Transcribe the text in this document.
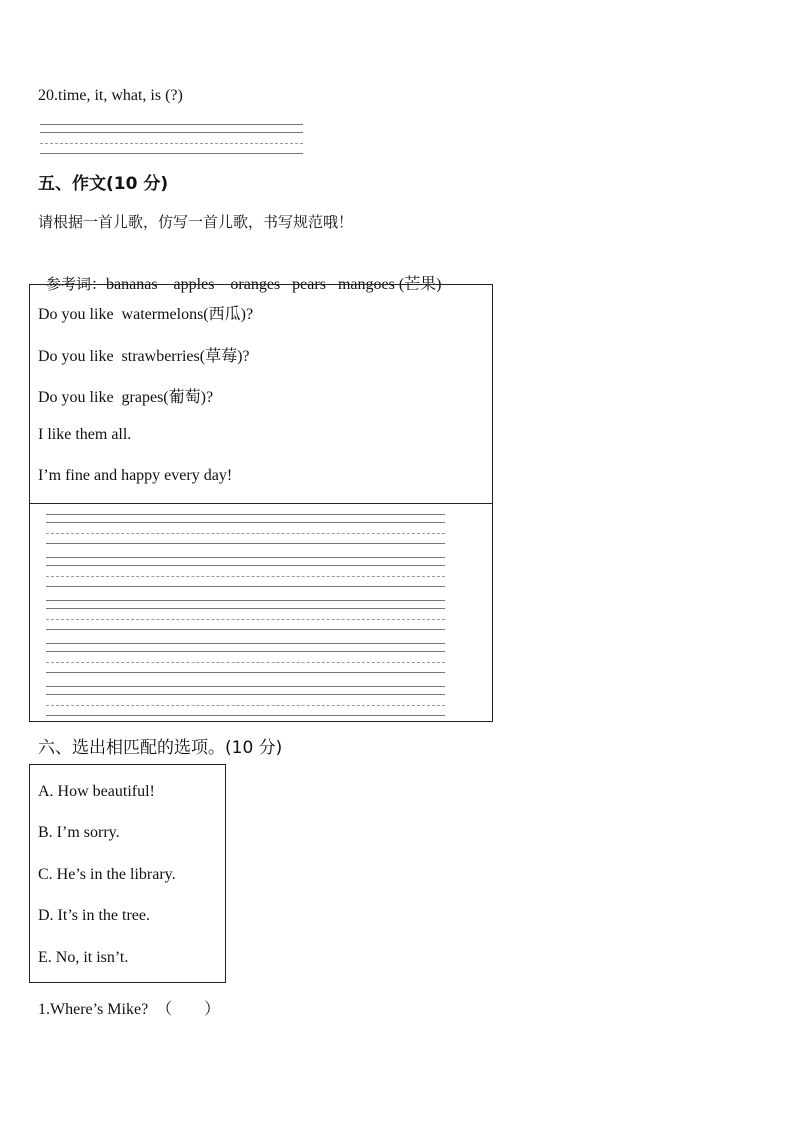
20.time, it, what, is (?)
五、作文(10 分)
请根据一首儿歌，仿写一首儿歌，书写规范哦！

参考词：bananas    apples    oranges   pears   mangoes (芒果)

Do you like  watermelons(西瓜)?
Do you like  strawberries(草莓)?
Do you like  grapes(葡萄)?
I like them all.
I’m fine and happy every day!
六、选出相匹配的选项。(10 分)
A. How beautiful!
B. I’m sorry.
C. He’s in the library.
D. It’s in the tree.
E. No, it isn’t.
1.Where’s Mike?  （        ）
